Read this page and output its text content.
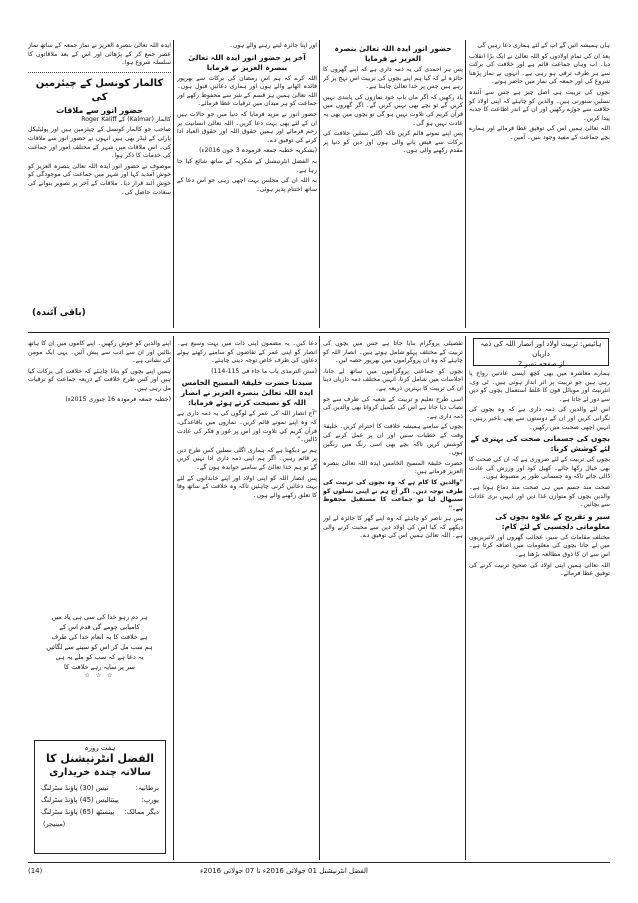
ہاں ہمیشہ آئیں گے آپ کے لئے ہماری دعا رہیں گی

بعد ان کی تمام اولادوں کو اللہ تعالیٰ نے ایک بڑا انقلاب دیا۔ اب وہاں جماعت قائم ہے اور خلافت کی برکت سے ہر طرف ترقی ہو رہی ہے۔ انہوں نے نماز پڑھنا شروع کی اور جمعہ کی نماز میں حاضر ہوتے۔

بچوں کی تربیت ہی اصل چیز ہے جس سے آئندہ نسلیں سنورتی ہیں۔ والدین کو چاہئے کہ اپنی اولاد کو خلافت سے جوڑے رکھیں اور ان کے اندر اطاعت کا جذبہ پیدا کریں۔

اللہ تعالیٰ ہمیں اس کی توفیق عطا فرمائے اور ہمارے بچے جماعت کے مفید وجود بنیں۔ آمین۔

حضور انور ایدہ اللہ تعالیٰ بنصرہ العزیز نے فرمایا

پس ہر احمدی کی یہ ذمہ داری ہے کہ اپنے گھروں کا جائزہ لے کہ کیا ہم اپنے بچوں کی تربیت اس نہج پر کر رہے ہیں جس پر خدا تعالیٰ چاہتا ہے۔

یاد رکھیں کہ اگر ماں باپ خود نمازوں کی پابندی نہیں کریں گے تو بچے بھی نہیں کریں گے۔ اگر گھروں میں قرآن کریم کی تلاوت نہیں ہو گی تو بچوں میں بھی یہ عادت نہیں ہو گی۔

پس اپنے نمونے قائم کریں تاکہ اگلی نسلیں خلافت کی برکات سے فیض پانے والی ہوں اور دین کو دنیا پر مقدم رکھنے والی ہوں۔

اور اپنا جائزہ لیتے رہنے والے ہوں۔

آخر پر حضور انور ایدہ اللہ تعالیٰ بنصرہ العزیز نے فرمایا

اللہ کرے کہ ہم اس رمضان کی برکات سے بھرپور فائدہ اٹھانے والے ہوں اور ہماری دعائیں قبول ہوں۔ اللہ تعالیٰ ہمیں ہر قسم کے شر سے محفوظ رکھے اور جماعت کو ہر میدان میں ترقیات عطا فرمائے۔

حضور انور نے مزید فرمایا کہ دنیا میں جو حالات ہیں ان کے لئے بھی بہت دعا کریں۔ اللہ تعالیٰ انسانیت پر رحم فرمائے اور ہمیں حقوق اللہ اور حقوق العباد ادا کرنے کی توفیق دے۔

(بشکریہ خطبہ جمعہ فرمودہ 3 جون 2016ء)

بہ الفضل انٹرنیشنل کے شکریہ کے ساتھ شائع کیا جا رہا ہے۔

بہ اللہ ان کی مجلس بہت اچھی رہی جو اس دعا کے ساتھ اختتام پذیر ہوئی۔

ایدہ اللہ تعالیٰ بنصرہ العزیز نے نماز جمعہ کے ساتھ نماز عصر جمع کر کے پڑھائی اور اس کے بعد ملاقاتوں کا سلسلہ شروع ہوا۔

کالمار کونسل کے چیئرمین کی
حضور انور سے ملاقات

کالمار (Kalmar) کے Roger Kaliff

صاحب جو کالمار کونسل کے چیئرمین ہیں اور پولیٹیکل پارٹی کے لیڈر بھی ہیں انہوں نے حضور انور سے ملاقات کی۔ اس ملاقات میں شہر کے مختلف امور اور جماعت کی خدمات کا ذکر ہوا۔

موصوف نے حضور انور ایدہ اللہ تعالیٰ بنصرہ العزیز کو خوش آمدید کہا اور شہر میں جماعت کی موجودگی کو خوش آئند قرار دیا۔ ملاقات کے آخر پر تصویر بنوانے کی سعادت حاصل کی۔

(باقی آئندہ)
ہائیس: تربیت اولاد اور انصار اللہ کی ذمہ داریاں
از صفحہ نمبر 2

ہمارے معاشرہ میں بھی کچھ ایسی عادتیں رواج پا رہی ہیں جو تربیت پر اثر انداز ہوتی ہیں۔ ٹی وی، انٹرنیٹ اور موبائل فون کا غلط استعمال بچوں کو دین سے دور لے جاتا ہے۔

اس لئے والدین کی ذمہ داری ہے کہ وہ بچوں کی نگرانی کریں اور ان کے دوستوں سے بھی باخبر رہیں۔ انہیں اچھی صحبت میں رکھیں۔

بچوں کی جسمانی صحت کی بہتری کے لئے کوشش کرنا:

بچوں کی تربیت کے لئے ضروری ہے کہ ان کی صحت کا بھی خیال رکھا جائے۔ کھیل کود اور ورزش کی عادت ڈالی جائے تاکہ وہ جسمانی طور پر مضبوط ہوں۔

صحت مند جسم میں ہی صحت مند دماغ ہوتا ہے۔ والدین بچوں کو متوازن غذا دیں اور انہیں بری عادات سے بچائیں۔

سیر و تفریح کے علاوہ بچوں کی معلوماتی دلچسپی کے لئے کام:

مختلف مقامات کی سیر، عجائب گھروں اور لائبریریوں میں لے جانا بچوں کی معلومات میں اضافہ کرتا ہے۔ اس سے ان کا ذوق مطالعہ بڑھتا ہے۔

اللہ تعالیٰ ہمیں اپنی اولاد کی صحیح تربیت کرنے کی توفیق عطا فرمائے۔

تفصیلی پروگرام بنایا جاتا ہے جس میں بچوں کی تربیت کے مختلف پہلو شامل ہوتے ہیں۔ انصار اللہ کو چاہئے کہ وہ ان پروگراموں میں بھرپور حصہ لیں۔

بچوں کو جماعتی پروگراموں میں ساتھ لے جانا، اجلاسات میں شامل کرنا، انہیں مختلف ذمہ داریاں دینا ان کی تربیت کا بہترین ذریعہ ہے۔

اسی طرح تعلیم و تربیت کے شعبہ کی طرف سے جو نصاب دیا جاتا ہے اس کی تکمیل کروانا بھی والدین کی ذمہ داری ہے۔

بچوں کے سامنے ہمیشہ خلافت کا احترام کریں۔ خلیفۂ وقت کے خطبات سنیں اور ان پر عمل کرنے کی کوشش کریں تاکہ بچے بھی اسی رنگ میں رنگین ہوں۔

حضرت خلیفۃ المسیح الخامس ایدہ اللہ تعالیٰ بنصرہ العزیز فرماتے ہیں:

"والدین کا کام ہے کہ وہ بچوں کی تربیت کی طرف توجہ دیں۔ اگر آج ہم نے اپنی نسلوں کو سنبھال لیا تو جماعت کا مستقبل محفوظ ہے۔"

پس ہر ناصر کو چاہئے کہ وہ اپنے گھر کا جائزہ لے اور دیکھے کہ کیا اس کی اولاد دین سے محبت کرنے والی ہے۔ اللہ تعالیٰ ہمیں اس کی توفیق دے۔

دعا کیں۔ یہ مضمون اپنی ذات میں بہت وسیع ہے۔ انصار کو اپنی عمر کے تقاضوں کو سامنے رکھتے ہوئے دعاؤں کی طرف خاص توجہ دینی چاہئے۔

(سنن الترمذی باب ما جاء فی 115-114)

سیدنا حضرت خلیفۃ المسیح الخامس ایدہ اللہ تعالیٰ بنصرہ العزیز نے انصار اللہ کو نصیحت کرتے ہوئے فرمایا:

"آج انصار اللہ کی عمر کے لوگوں کی یہ ذمہ داری ہے کہ وہ اپنے نمونے قائم کریں۔ نمازوں میں باقاعدگی، قرآن کریم کی تلاوت اور اس پر غور و فکر کی عادت ڈالیں۔"

ہم نے دیکھنا ہے کہ ہماری اگلی نسلیں کس طرح دین پر قائم رہیں۔ اگر ہم اپنی ذمہ داری ادا نہیں کریں گے تو ہم خدا تعالیٰ کے سامنے جوابدہ ہوں گے۔

پس انصار اللہ کو اپنی اولاد اور اپنے خاندانوں کے لئے بہت دعائیں کرنی چاہئیں تاکہ وہ خلافت کے ساتھ وفا کا تعلق رکھنے والے ہوں۔

اپنے والدین کو خوش رکھیں۔ اپنے کاموں میں ان کا ہاتھ بٹائیں اور ان سے ادب سے پیش آئیں۔ یہی ایک مومن کی نشانی ہے۔

ہمیں اپنے بچوں کو بتانا چاہئے کہ خلافت کی برکات کیا ہیں اور کس طرح خلافت کے ذریعہ جماعت کو ترقیات مل رہی ہیں۔

(خطبہ جمعہ فرمودہ 16 جنوری 2015ء)

ہر دم رہو خدا کی سی ہی یاد میں
کامیابی چومے گی قدم اس کے
ہے خلافت کا یہ انعام خدا کی طرف
ہم سب مل کر اس کو سینے سے لگائیں
یہ دعا ہے کہ سب کو ملے یہ ہی
سر پر سایہ رہے خلافت کا
☆ ☆ ☆
ہفت روزہ
الفضل انٹرنیشنل کا
سالانہ چندہ خریداری
برطانیہ:
تیس (30) پاؤنڈ سٹرلنگ
یورپ:
پینتالیس (45) پاؤنڈ سٹرلنگ
دیگر ممالک:
پینسٹھ (65) پاؤنڈ سٹرلنگ
(مینیجر)
(14)	الفضل انٹرنیشنل 01 جولائی 2016ء تا 07 جولائی 2016ء
